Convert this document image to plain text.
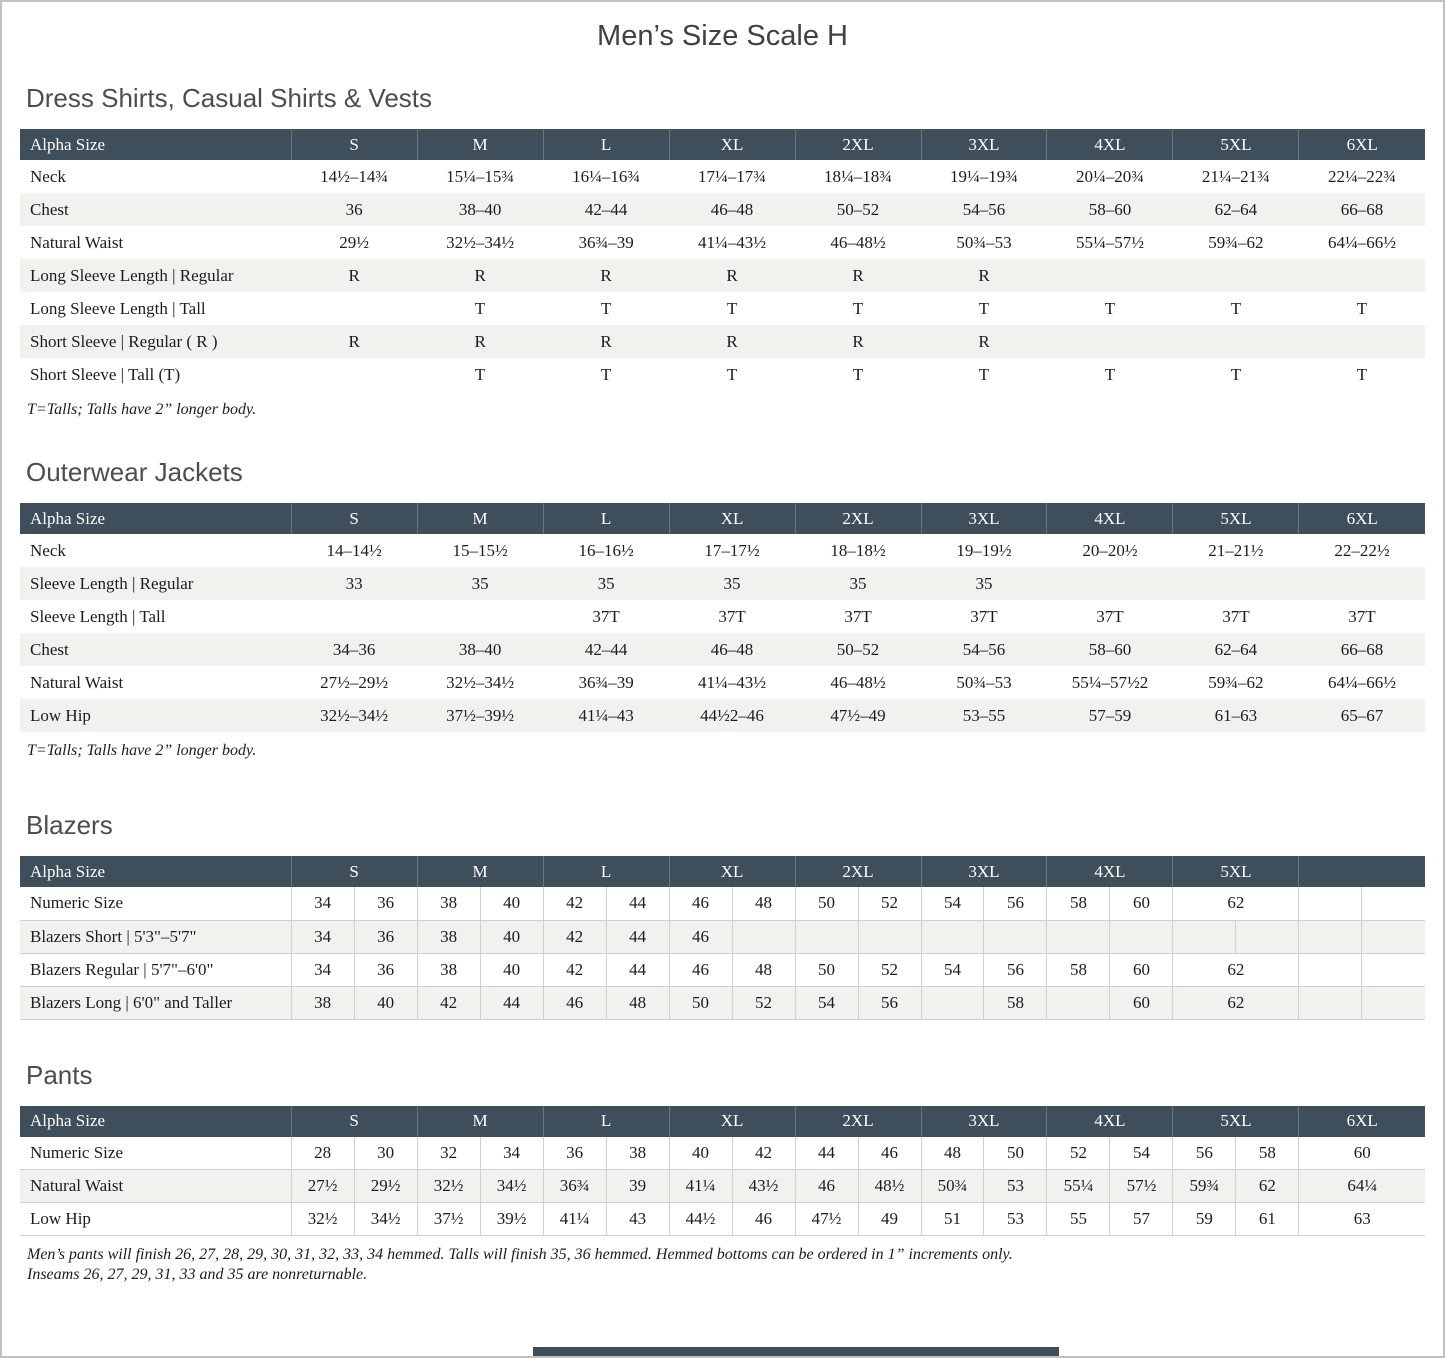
Men’s Size Scale H
Dress Shirts, Casual Shirts & Vests
Alpha Size	S	M	L	XL	2XL	3XL	4XL	5XL	6XL
Neck	14½–14¾	15¼–15¾	16¼–16¾	17¼–17¾	18¼–18¾	19¼–19¾	20¼–20¾	21¼–21¾	22¼–22¾
Chest	36	38–40	42–44	46–48	50–52	54–56	58–60	62–64	66–68
Natural Waist	29½	32½–34½	36¾–39	41¼–43½	46–48½	50¾–53	55¼–57½	59¾–62	64¼–66½
Long Sleeve Length | Regular	R	R	R	R	R	R			
Long Sleeve Length | Tall		T	T	T	T	T	T	T	T
Short Sleeve | Regular ( R )	R	R	R	R	R	R			
Short Sleeve | Tall (T)		T	T	T	T	T	T	T	T

T=Talls; Talls have 2” longer body.

Outerwear Jackets
Alpha Size	S	M	L	XL	2XL	3XL	4XL	5XL	6XL
Neck	14–14½	15–15½	16–16½	17–17½	18–18½	19–19½	20–20½	21–21½	22–22½
Sleeve Length | Regular	33	35	35	35	35	35			
Sleeve Length | Tall			37T	37T	37T	37T	37T	37T	37T
Chest	34–36	38–40	42–44	46–48	50–52	54–56	58–60	62–64	66–68
Natural Waist	27½–29½	32½–34½	36¾–39	41¼–43½	46–48½	50¾–53	55¼–57½2	59¾–62	64¼–66½
Low Hip	32½–34½	37½–39½	41¼–43	44½2–46	47½–49	53–55	57–59	61–63	65–67

T=Talls; Talls have 2” longer body.

Blazers
Alpha Size	S		M		L		XL		2XL		3XL		4XL		5XL			
Numeric Size	34	36	38	40	42	44	46	48	50	52	54	56	58	60	62			
Blazers Short | 5'3"–5'7"	34	36	38	40	42	44	46											
Blazers Regular | 5'7"–6'0"	34	36	38	40	42	44	46	48	50	52	54	56	58	60	62			
Blazers Long | 6'0" and Taller	38	40	42	44	46	48	50	52	54	56		58		60	62			
Pants
Alpha Size	S		M		L		XL		2XL		3XL		4XL		5XL		6XL
Numeric Size	28	30	32	34	36	38	40	42	44	46	48	50	52	54	56	58	60
Natural Waist	27½	29½	32½	34½	36¾	39	41¼	43½	46	48½	50¾	53	55¼	57½	59¾	62	64¼
Low Hip	32½	34½	37½	39½	41¼	43	44½	46	47½	49	51	53	55	57	59	61	63

Men’s pants will finish 26, 27, 28, 29, 30, 31, 32, 33, 34 hemmed. Talls will finish 35, 36 hemmed. Hemmed bottoms can be ordered in 1” increments only.

Inseams 26, 27, 29, 31, 33 and 35 are nonreturnable.
